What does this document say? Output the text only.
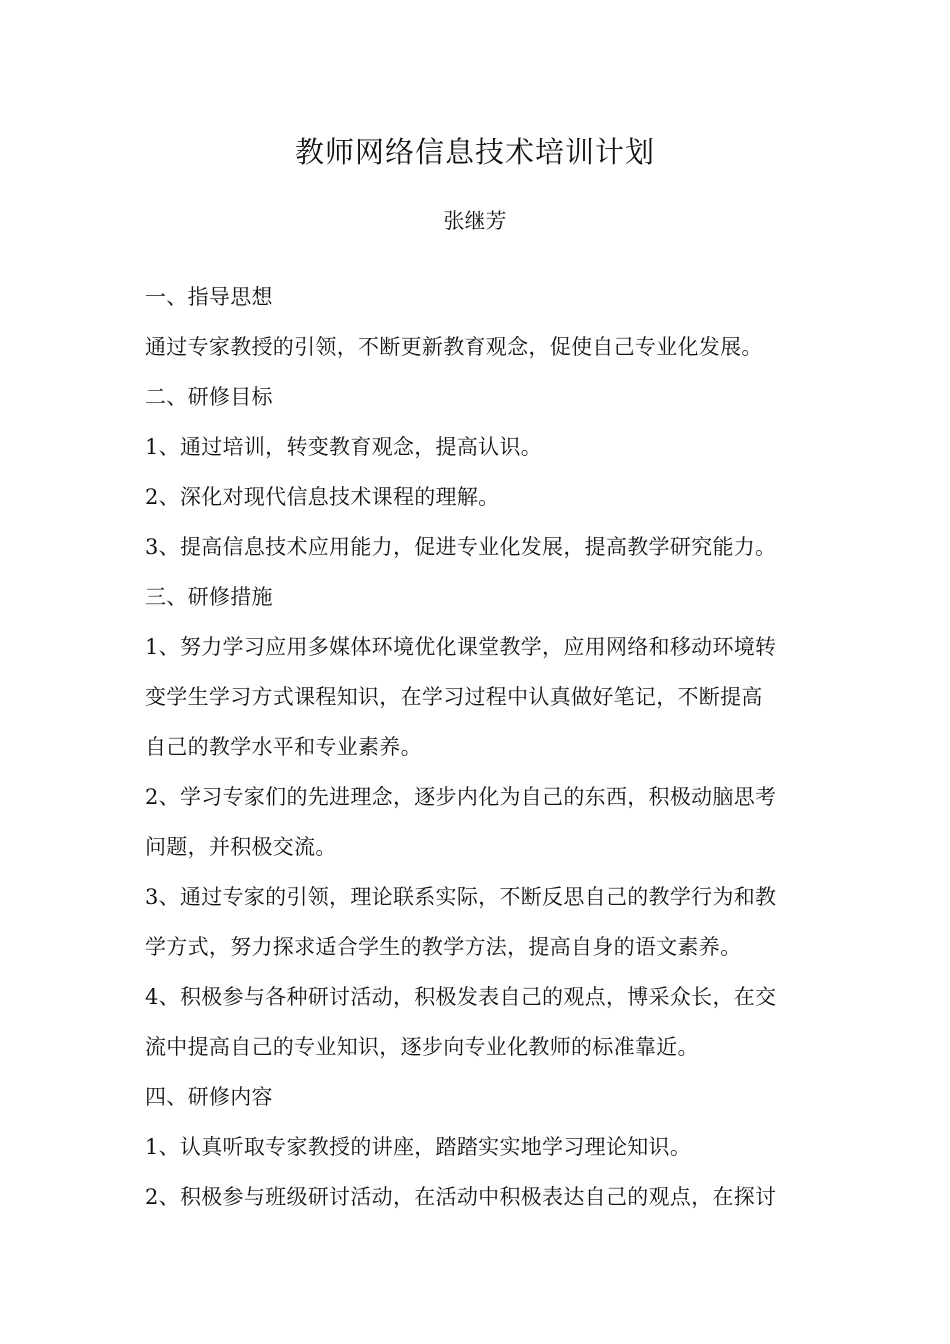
教师网络信息技术培训计划
张继芳
一、指导思想
通过专家教授的引领，不断更新教育观念，促使自己专业化发展。
二、研修目标
1、通过培训，转变教育观念，提高认识。
2、深化对现代信息技术课程的理解。
3、提高信息技术应用能力，促进专业化发展，提高教学研究能力。
三、研修措施
1、努力学习应用多媒体环境优化课堂教学，应用网络和移动环境转
变学生学习方式课程知识，在学习过程中认真做好笔记，不断提高
自己的教学水平和专业素养。
2、学习专家们的先进理念，逐步内化为自己的东西，积极动脑思考
问题，并积极交流。
3、通过专家的引领，理论联系实际，不断反思自己的教学行为和教
学方式，努力探求适合学生的教学方法，提高自身的语文素养。
4、积极参与各种研讨活动，积极发表自己的观点，博采众长，在交
流中提高自己的专业知识，逐步向专业化教师的标准靠近。
四、研修内容
1、认真听取专家教授的讲座，踏踏实实地学习理论知识。
2、积极参与班级研讨活动，在活动中积极表达自己的观点，在探讨
